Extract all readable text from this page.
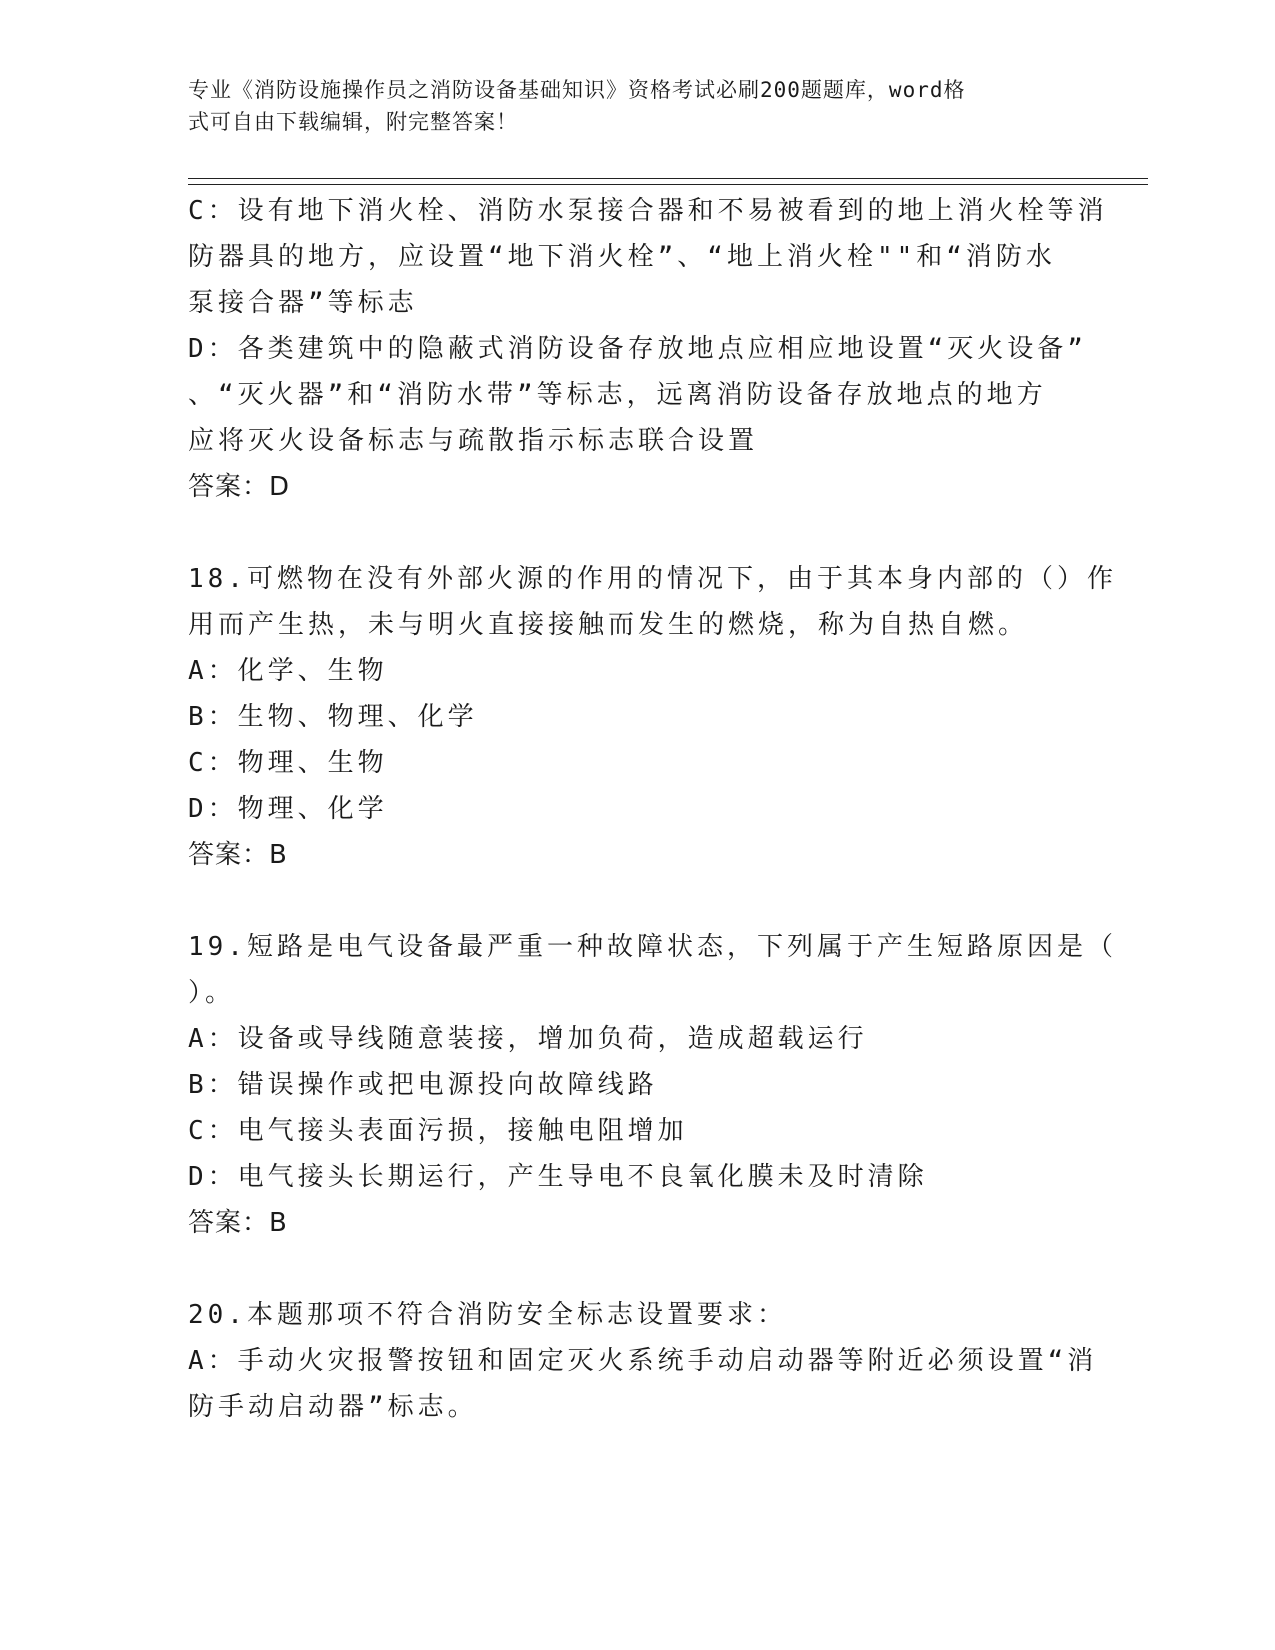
专业《消防设施操作员之消防设备基础知识》资格考试必刷200题题库，word格
式可自由下载编辑，附完整答案！
C：设有地下消火栓、消防水泵接合器和不易被看到的地上消火栓等消
防器具的地方，应设置“地下消火栓”、“地上消火栓""和“消防水
泵接合器”等标志
D：各类建筑中的隐蔽式消防设备存放地点应相应地设置“灭火设备”
、“灭火器”和“消防水带”等标志，远离消防设备存放地点的地方
应将灭火设备标志与疏散指示标志联合设置
答案：D
18.可燃物在没有外部火源的作用的情况下，由于其本身内部的（）作
用而产生热，未与明火直接接触而发生的燃烧，称为自热自燃。
A：化学、生物
B：生物、物理、化学
C：物理、生物
D：物理、化学
答案：B
19.短路是电气设备最严重一种故障状态，下列属于产生短路原因是（
）。
A：设备或导线随意装接，增加负荷，造成超载运行
B：错误操作或把电源投向故障线路
C：电气接头表面污损，接触电阻增加
D：电气接头长期运行，产生导电不良氧化膜未及时清除
答案：B
20.本题那项不符合消防安全标志设置要求：
A：手动火灾报警按钮和固定灭火系统手动启动器等附近必须设置“消
防手动启动器”标志。
